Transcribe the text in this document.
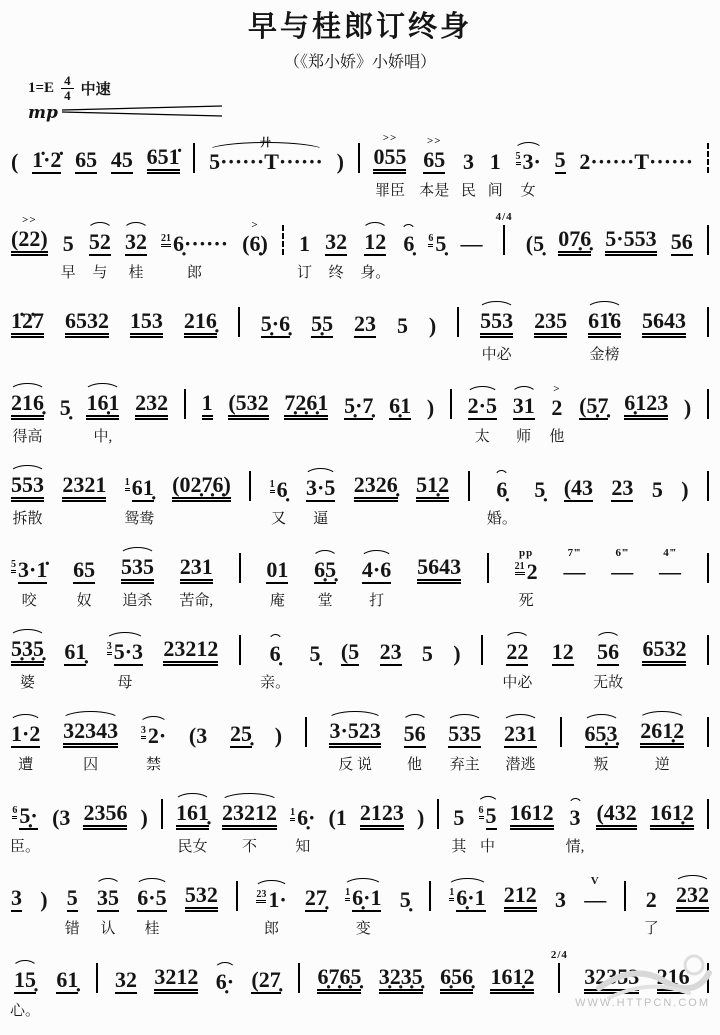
早与桂郎订终身
（《郑小娇》小娇唱）
$1=E \frac{4}{4}$ 中速
mp
( 1̇·2̇ 65 45 651̇
廾
5······T······ )
>>
055
罪臣
>>
65
本是
3
民
1
间
$^5$3·
女
5 2······T······
>>
(22) 5
早
52
与
32
桂
$^{21}$6̣······
郎
>
(6̣) 1
订
32
终
12
身。
6̣ $^6$5̣ —
4/4
(5̣ 07̣6̣ 5·553 56
1̇2̇7 6532 153 216̣ 5̣·6̣ 5̣5 23 5 ) 553
中必
235 61̇6
金榜
5643
216̣
得高
5̣ 16̣1
中,
232 1 (532 7̣2̣6̣1 5̣·7̣ 6̣1 ) 2·5
太
31
师
>
2
他
(5̣7̣ 6̣123 )
553
拆散
2321 $^1$61̣
鸳鸯
(02̣7̣6̣)	$^1$6̣
又
3·5
逼
2326̣ 51̣2 6̣
婚。
5̣ (43 23 5 )
$^5$3·1̇
咬
65
奴
535
追杀
231
苦命,
01
庵
6̣5̣
堂
4·6
打
5643
pp
$^{21}$2
死
7‴
—
6‴
—
4‴
—
5̣3̣5̣
婆
61̣ $^3$5·3
母
23212 6̣
亲。
5̣ (5 23 5 ) 22
中必
12 56
无故
6532
1·2
遭
32343
囚
$^3$2·
禁
(3 25̣ ) 3·523
反 说
56
他
535
弃主
231
潜逃
65̣3̣
叛
261̣2
逆
$^6$5̣·
臣。
(3 2356 ) 161̣
民女
23212
不
$^1$6̣·
知
(1 2123 ) 5
其
$^6$5
中
1612 3
情,
(432 161̣2
3 ) 5
错
35
认
6·5
桂
532	$^{23}$1·
郎
27̣ $^1$6̣·1
变
5̣	$^1$6̣·1 212 3
V
— 2
了
232
15̣
心。
61̣ 32 3212 6̣· (27̣ 6̣7̣6̣5̣ 3̣2̣3̣5̣ 6̣56̣ 161̣2
2/4
32353 216̣
WWW.HTTPCN.COM
